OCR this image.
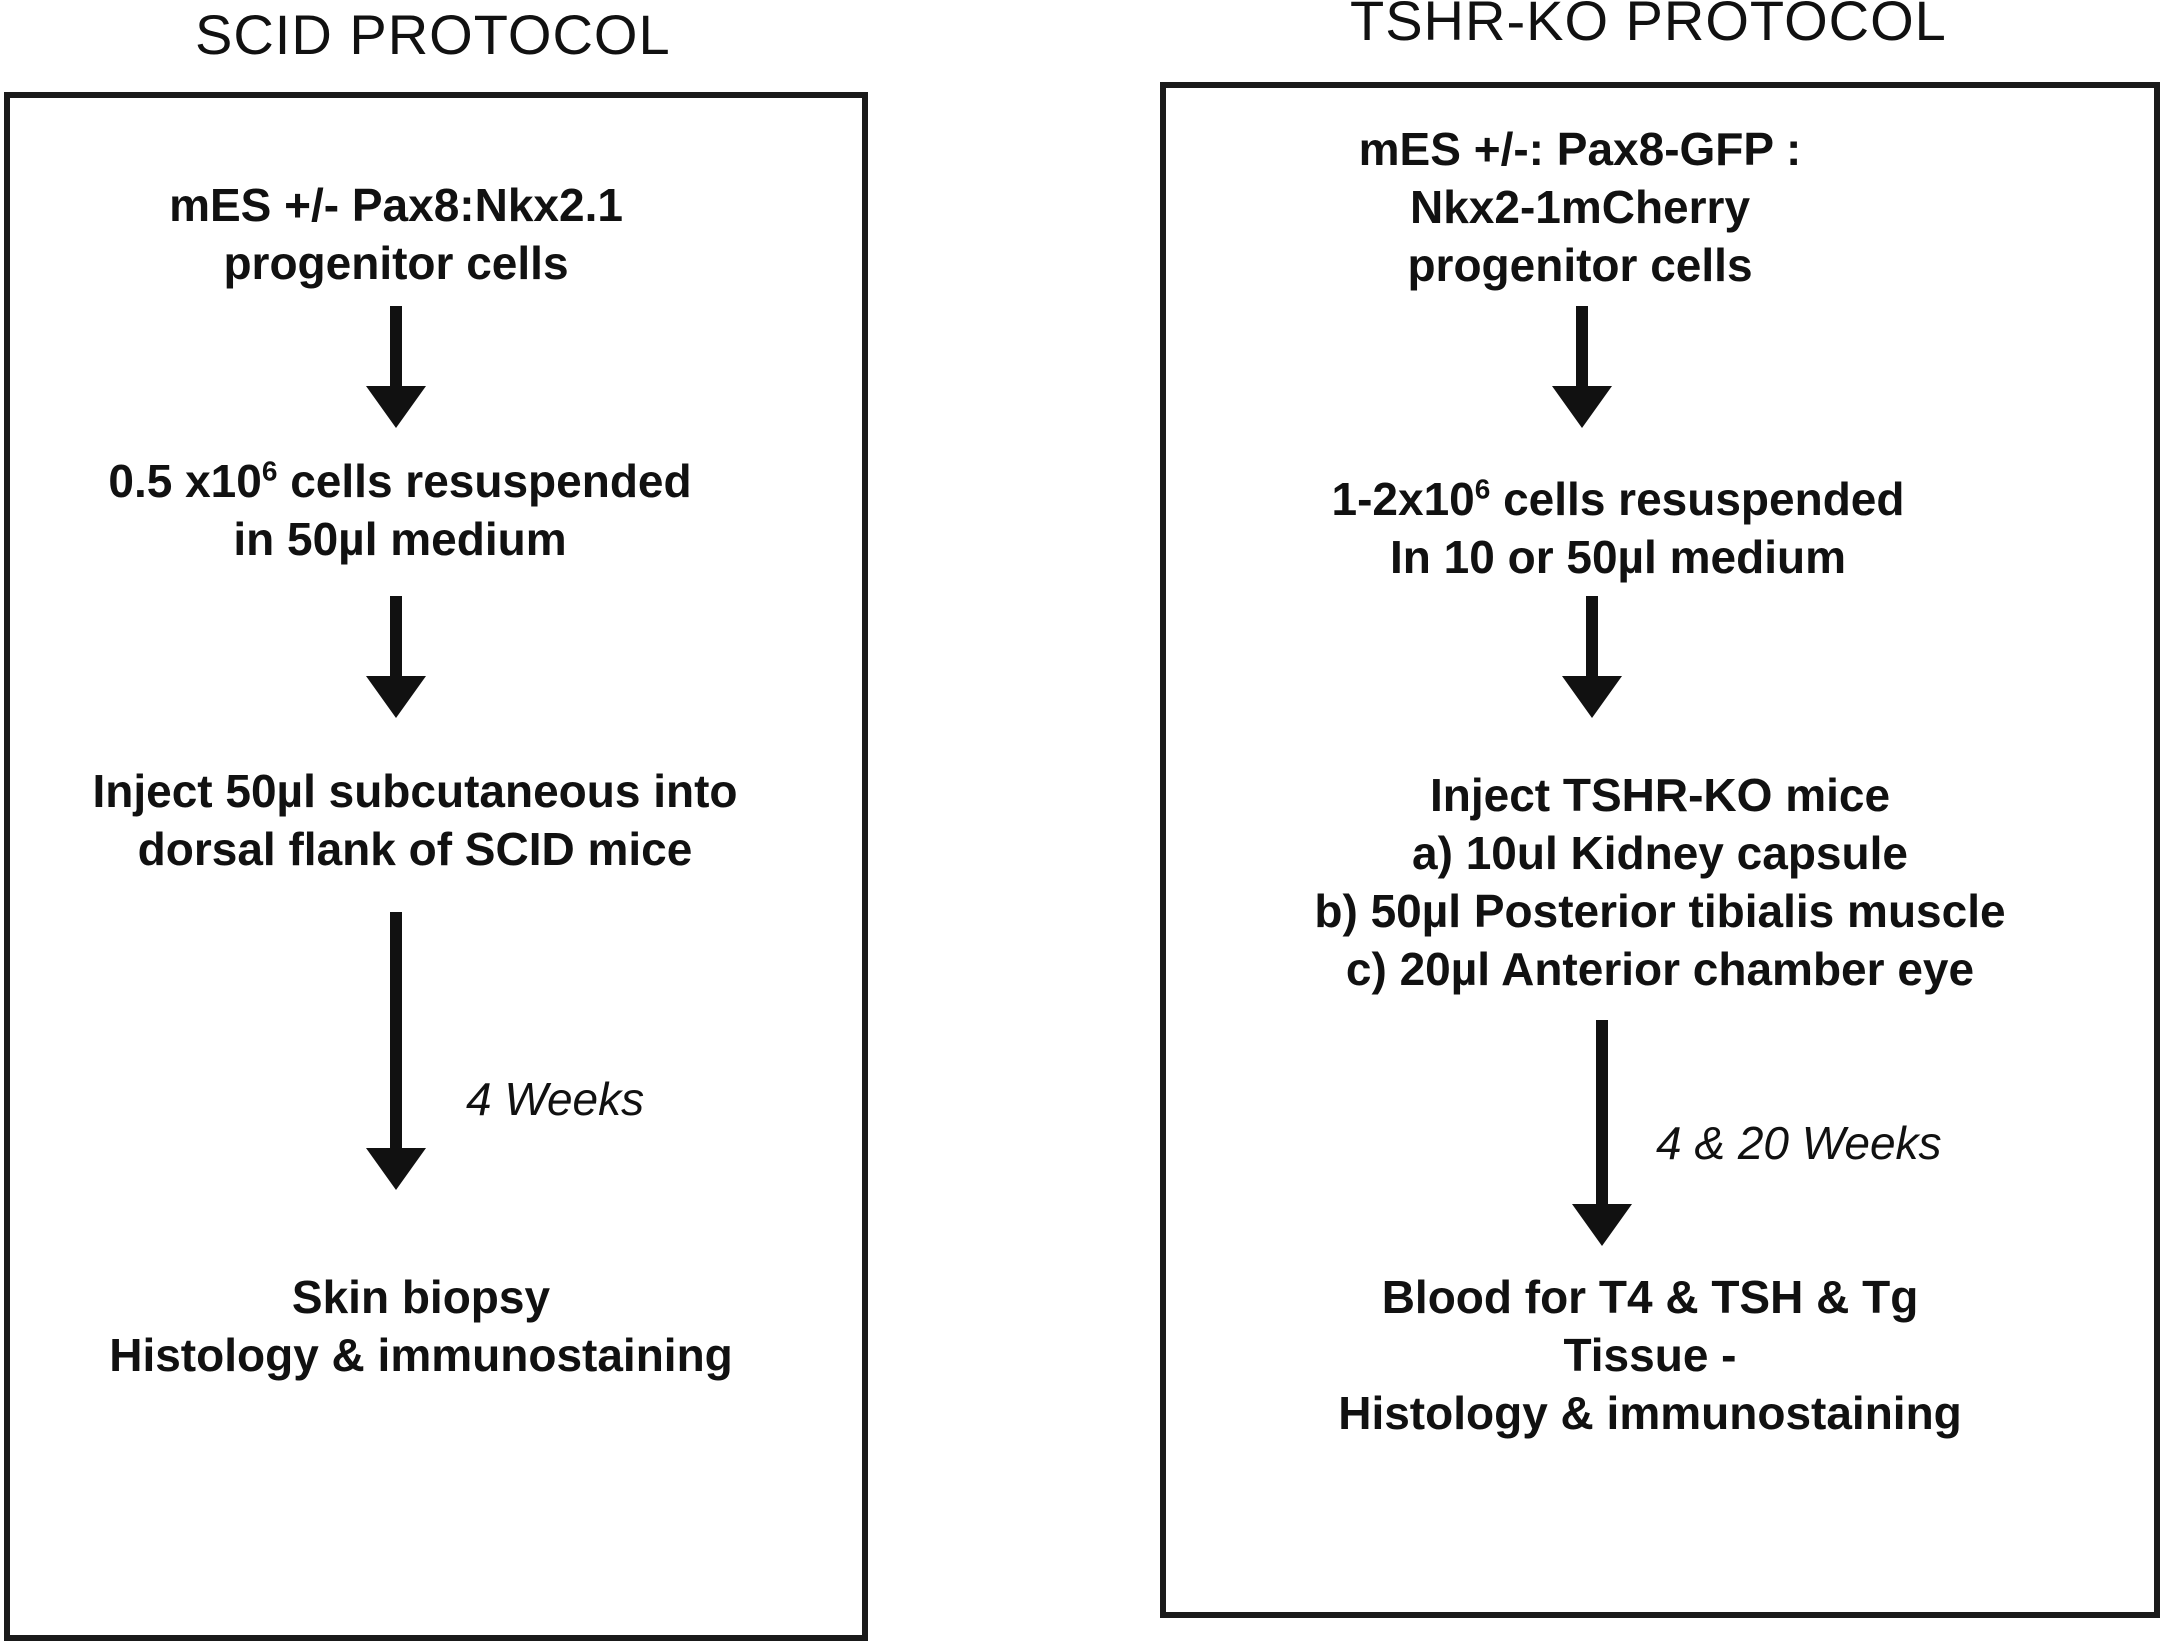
SCID PROTOCOL
mES +/- Pax8:Nkx2.1
progenitor cells
0.5 $x10^6$ cells resuspended
in 50µl medium
Inject 50µl subcutaneous into
dorsal flank of SCID mice
4 Weeks
Skin biopsy
Histology & immunostaining
TSHR-KO PROTOCOL
mES +/-: Pax8-GFP :
Nkx2-1mCherry
progenitor cells
$1-2x10^6$ cells resuspended
In 10 or 50µl medium
Inject TSHR-KO mice
a) 10ul Kidney capsule
b) 50µl Posterior tibialis muscle
c) 20µl Anterior chamber eye
4 & 20 Weeks
Blood for T4 & TSH & Tg
Tissue -
Histology & immunostaining
